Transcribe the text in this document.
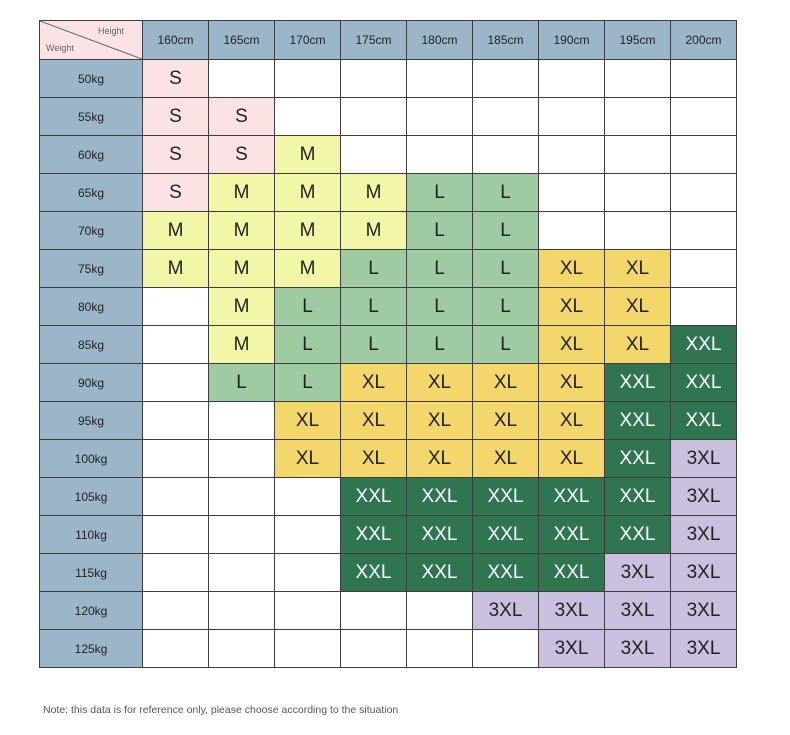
Height
Weight	160cm	165cm	170cm	175cm	180cm	185cm	190cm	195cm	200cm
50kg	S								
55kg	S	S							
60kg	S	S	M						
65kg	S	M	M	M	L	L			
70kg	M	M	M	M	L	L			
75kg	M	M	M	L	L	L	XL	XL	
80kg		M	L	L	L	L	XL	XL	
85kg		M	L	L	L	L	XL	XL	XXL
90kg		L	L	XL	XL	XL	XL	XXL	XXL
95kg			XL	XL	XL	XL	XL	XXL	XXL
100kg			XL	XL	XL	XL	XL	XXL	3XL
105kg				XXL	XXL	XXL	XXL	XXL	3XL
110kg				XXL	XXL	XXL	XXL	XXL	3XL
115kg				XXL	XXL	XXL	XXL	3XL	3XL
120kg						3XL	3XL	3XL	3XL
125kg							3XL	3XL	3XL

Note: this data is for reference only, please choose according to the situation
